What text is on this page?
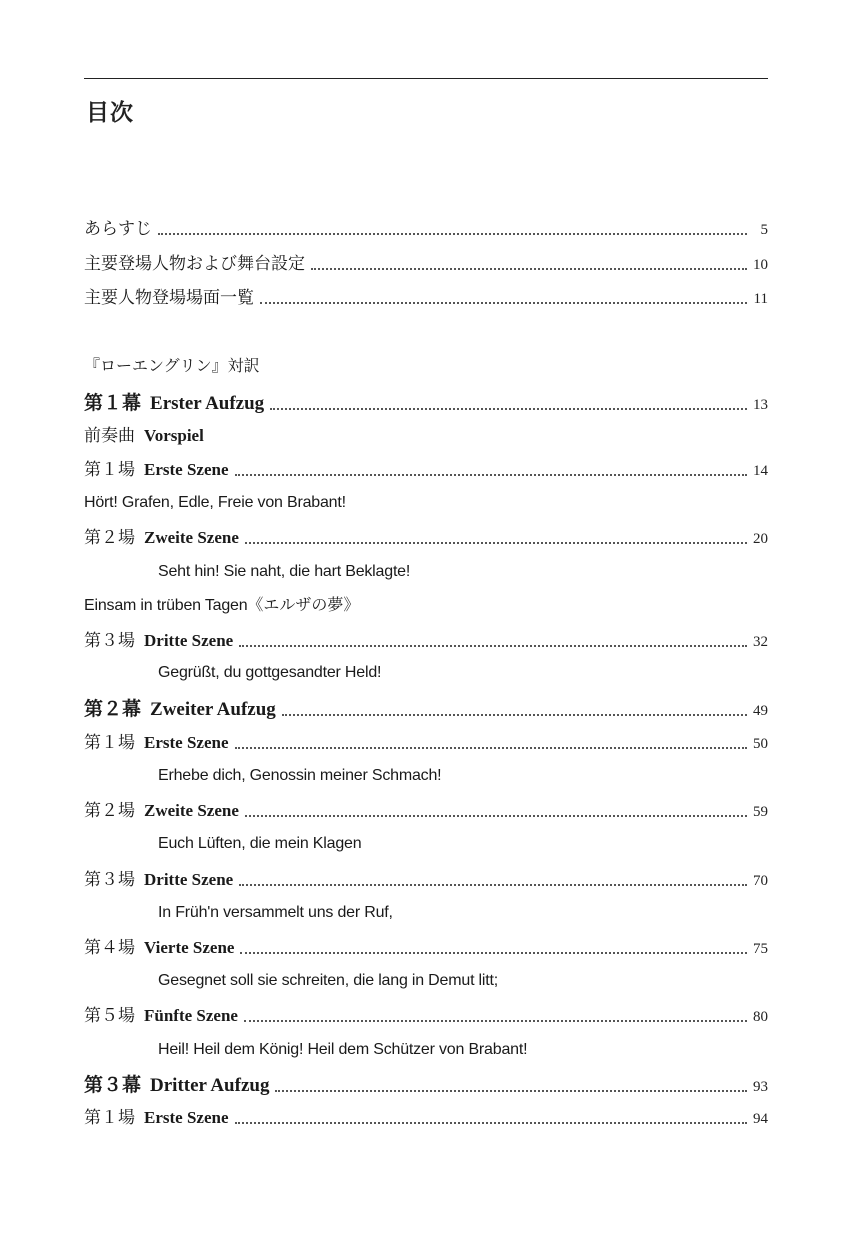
目次
あらすじ	5
主要登場人物および舞台設定	10
主要人物登場場面一覧	11
『ローエングリン』対訳
第１幕 Erster Aufzug	13
前奏曲 Vorspiel
第１場 Erste Szene	14
Hört! Grafen, Edle, Freie von Brabant!
第２場 Zweite Szene	20
Seht hin! Sie naht, die hart Beklagte!
Einsam in trüben Tagen 《エルザの夢》
第３場 Dritte Szene	32
Gegrüßt, du gottgesandter Held!
第２幕 Zweiter Aufzug	49
第１場 Erste Szene	50
Erhebe dich, Genossin meiner Schmach!
第２場 Zweite Szene	59
Euch Lüften, die mein Klagen
第３場 Dritte Szene	70
In Früh'n versammelt uns der Ruf,
第４場 Vierte Szene	75
Gesegnet soll sie schreiten, die lang in Demut litt;
第５場 Fünfte Szene	80
Heil! Heil dem König! Heil dem Schützer von Brabant!
第３幕 Dritter Aufzug	93
第１場 Erste Szene	94
